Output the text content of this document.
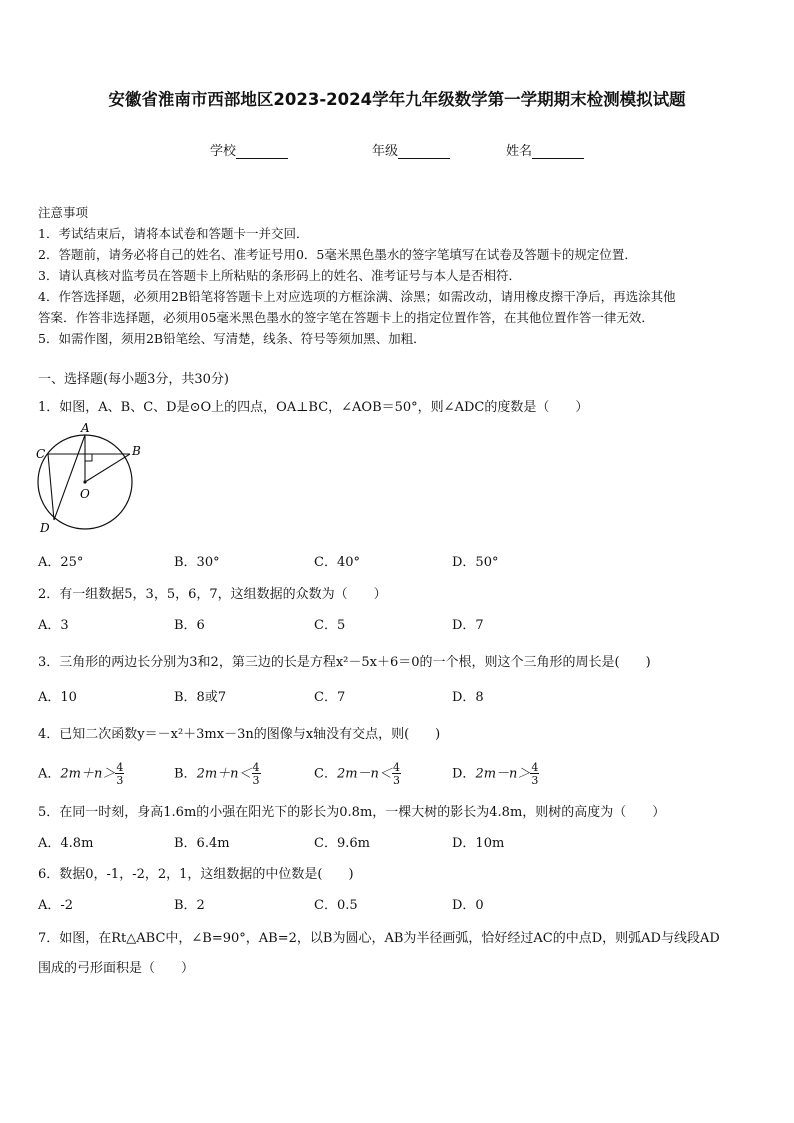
安徽省淮南市西部地区2023-2024学年九年级数学第一学期期末检测模拟试题
学校	年级	姓名
注意事项
1．考试结束后，请将本试卷和答题卡一并交回．
2．答题前，请务必将自己的姓名、准考证号用0．5毫米黑色墨水的签字笔填写在试卷及答题卡的规定位置．
3．请认真核对监考员在答题卡上所粘贴的条形码上的姓名、准考证号与本人是否相符．
4．作答选择题，必须用2B铅笔将答题卡上对应选项的方框涂满、涂黑；如需改动，请用橡皮擦干净后，再选涂其他
答案．作答非选择题，必须用05毫米黑色墨水的签字笔在答题卡上的指定位置作答，在其他位置作答一律无效．
5．如需作图，须用2B铅笔绘、写清楚，线条、符号等须加黑、加粗．
一、选择题(每小题3分，共30分)
1．如图，A、B、C、D是⊙O上的四点，OA⊥BC，∠AOB＝50°，则∠ADC的度数是（　　）
A
B
C
D
O
A．25°	B．30°	C．40°	D．50°
2．有一组数据5，3，5，6，7，这组数据的众数为（　　）
A．3	B．6	C．5	D．7
3．三角形的两边长分别为3和2，第三边的长是方程x²－5x＋6＝0的一个根，则这个三角形的周长是(　　)
A．10	B．8或7	C．7	D．8
4．已知二次函数y＝－x²＋3mx－3n的图像与x轴没有交点，则(　　)
A．$2m+n> \frac{4}{3}$	B．$2m+n< \frac{4}{3}$	C．$2m-n< \frac{4}{3}$	D．$2m-n> \frac{4}{3}$
5．在同一时刻，身高1.6m的小强在阳光下的影长为0.8m，一棵大树的影长为4.8m，则树的高度为（　　）
A．4.8m	B．6.4m	C．9.6m	D．10m
6．数据0，-1，-2，2，1，这组数据的中位数是(　　)
A．-2	B．2	C．0.5	D．0
7．如图，在Rt△ABC中，∠B=90°，AB=2，以B为圆心，AB为半径画弧，恰好经过AC的中点D，则弧AD与线段AD
围成的弓形面积是（　　）
